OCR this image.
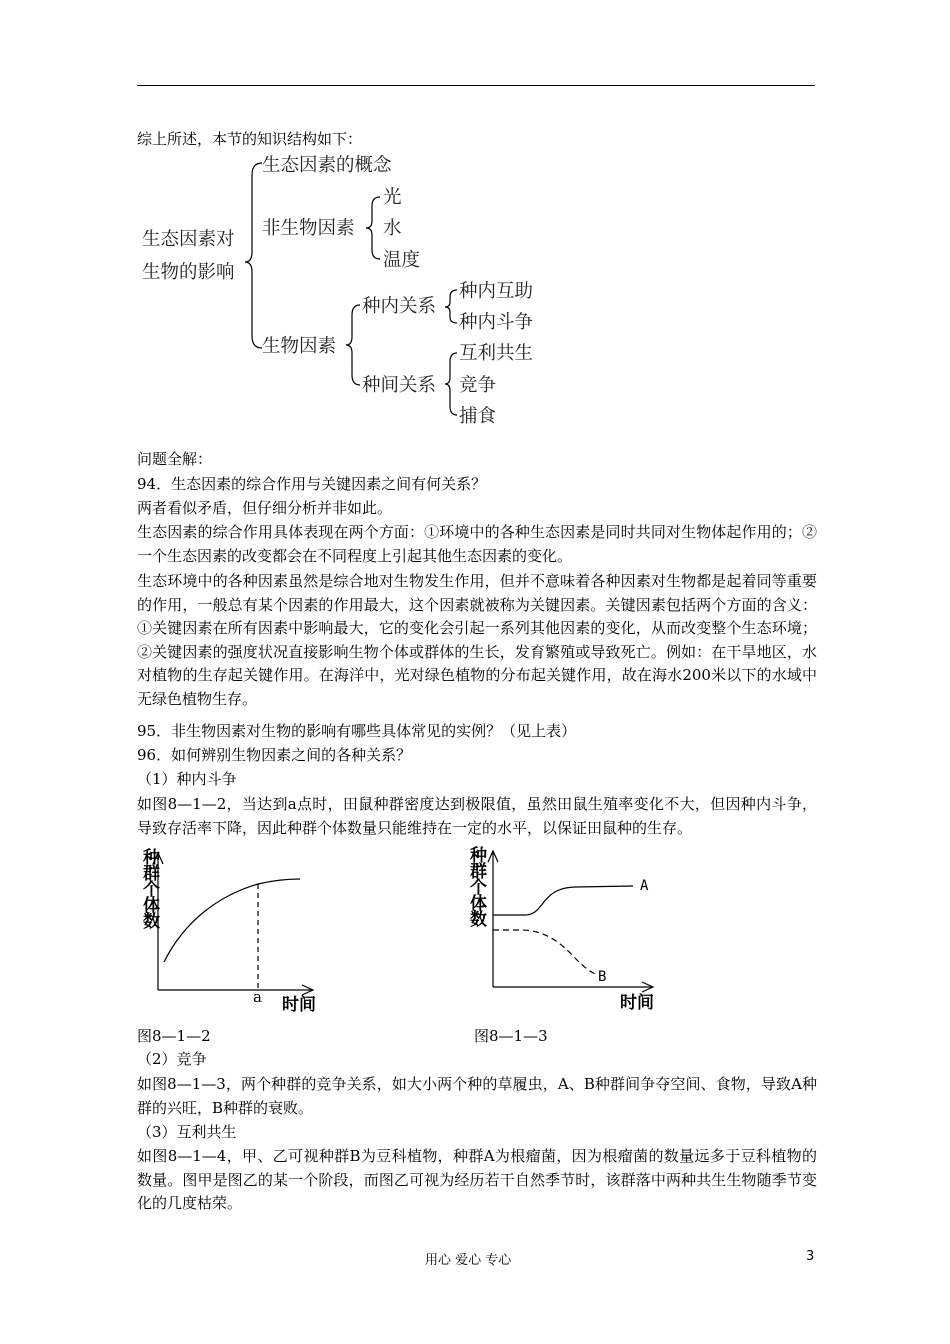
综上所述，本节的知识结构如下：
生态因素对
生物的影响
生态因素的概念
非生物因素
光
水
温度
生物因素
种内关系
种内互助
种内斗争
种间关系
互利共生
竞争
捕食
问题全解：
94．生态因素的综合作用与关键因素之间有何关系？
两者看似矛盾，但仔细分析并非如此。
生态因素的综合作用具体表现在两个方面：①环境中的各种生态因素是同时共同对生物体起作用的；②一个生态因素的改变都会在不同程度上引起其他生态因素的变化。
生态环境中的各种因素虽然是综合地对生物发生作用，但并不意味着各种因素对生物都是起着同等重要的作用，一般总有某个因素的作用最大，这个因素就被称为关键因素。关键因素包括两个方面的含义：①关键因素在所有因素中影响最大，它的变化会引起一系列其他因素的变化，从而改变整个生态环境；②关键因素的强度状况直接影响生物个体或群体的生长，发育繁殖或导致死亡。例如：在干旱地区，水对植物的生存起关键作用。在海洋中，光对绿色植物的分布起关键作用，故在海水200米以下的水域中无绿色植物生存。
95．非生物因素对生物的影响有哪些具体常见的实例？（见上表）
96．如何辨别生物因素之间的各种关系？
（1）种内斗争
如图8—1—2，当达到a点时，田鼠种群密度达到极限值，虽然田鼠生殖率变化不大，但因种内斗争，导致存活率下降，因此种群个体数量只能维持在一定的水平，以保证田鼠种的生存。
种
群
个
体
数
a 时间
图8—1—2
种
群
个
体
数
A
B
时间
图8—1—3
（2）竞争
如图8—1—3，两个种群的竞争关系，如大小两个种的草履虫，A、B种群间争夺空间、食物，导致A种群的兴旺，B种群的衰败。
（3）互利共生
如图8—1—4，甲、乙可视种群B为豆科植物，种群A为根瘤菌，因为根瘤菌的数量远多于豆科植物的数量。图甲是图乙的某一个阶段，而图乙可视为经历若干自然季节时，该群落中两种共生生物随季节变化的几度枯荣。
用心 爱心 专心	3
